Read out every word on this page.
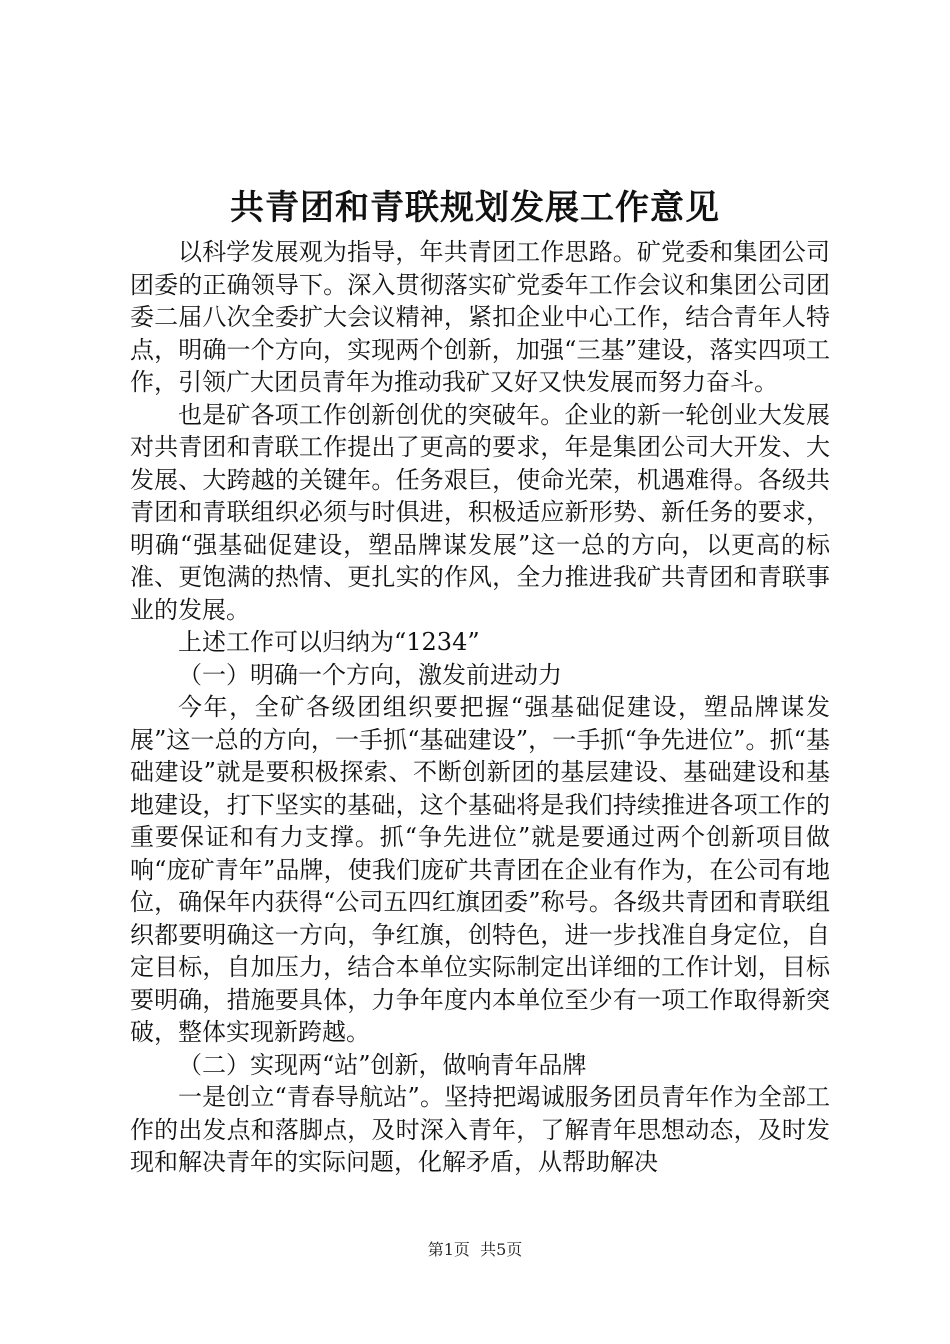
共青团和青联规划发展工作意见

以科学发展观为指导，年共青团工作思路。矿党委和集团公司团委的正确领导下。深入贯彻落实矿党委年工作会议和集团公司团委二届八次全委扩大会议精神，紧扣企业中心工作，结合青年人特点，明确一个方向，实现两个创新，加强“三基”建设，落实四项工作，引领广大团员青年为推动我矿又好又快发展而努力奋斗。

也是矿各项工作创新创优的突破年。企业的新一轮创业大发展对共青团和青联工作提出了更高的要求，年是集团公司大开发、大发展、大跨越的关键年。任务艰巨，使命光荣，机遇难得。各级共青团和青联组织必须与时俱进，积极适应新形势、新任务的要求，明确“强基础促建设，塑品牌谋发展”这一总的方向，以更高的标准、更饱满的热情、更扎实的作风，全力推进我矿共青团和青联事业的发展。

上述工作可以归纳为“1234”

（一）明确一个方向，激发前进动力

今年，全矿各级团组织要把握“强基础促建设，塑品牌谋发展”这一总的方向，一手抓“基础建设”，一手抓“争先进位”。抓“基础建设”就是要积极探索、不断创新团的基层建设、基础建设和基地建设，打下坚实的基础，这个基础将是我们持续推进各项工作的重要保证和有力支撑。抓“争先进位”就是要通过两个创新项目做响“庞矿青年”品牌，使我们庞矿共青团在企业有作为，在公司有地位，确保年内获得“公司五四红旗团委”称号。各级共青团和青联组织都要明确这一方向，争红旗，创特色，进一步找准自身定位，自定目标，自加压力，结合本单位实际制定出详细的工作计划，目标要明确，措施要具体，力争年度内本单位至少有一项工作取得新突破，整体实现新跨越。

（二）实现两“站”创新，做响青年品牌

一是创立“青春导航站”。坚持把竭诚服务团员青年作为全部工作的出发点和落脚点，及时深入青年，了解青年思想动态，及时发现和解决青年的实际问题，化解矛盾，从帮助解决

第1页 共5页
